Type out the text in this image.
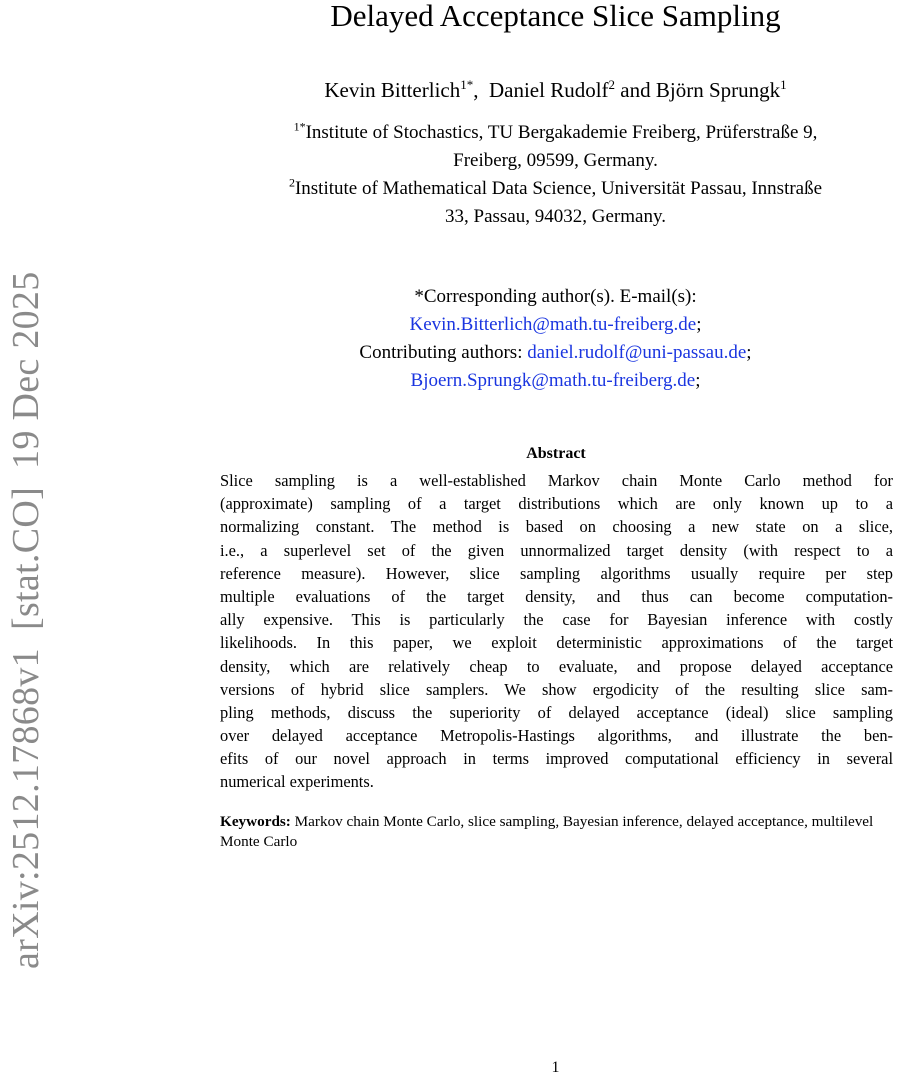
arXiv:2512.17868v1[stat.CO]19 Dec 2025
Delayed Acceptance Slice Sampling
Kevin Bitterlich$^{1*}$,  Daniel Rudolf$^2$ and Björn Sprungk$^1$
$^{1*}$Institute of Stochastics, TU Bergakademie Freiberg, Prüferstraße 9,
Freiberg, 09599, Germany.
$^2$Institute of Mathematical Data Science, Universität Passau, Innstraße
33, Passau, 94032, Germany.
*Corresponding author(s). E-mail(s):
Kevin.Bitterlich@math.tu-freiberg.de;
Contributing authors: daniel.rudolf@uni-passau.de;
Bjoern.Sprungk@math.tu-freiberg.de;
Abstract
Slice sampling is a well-established Markov chain Monte Carlo method for
(approximate) sampling of a target distributions which are only known up to a
normalizing constant. The method is based on choosing a new state on a slice,
i.e., a superlevel set of the given unnormalized target density (with respect to a
reference measure). However, slice sampling algorithms usually require per step
multiple evaluations of the target density, and thus can become computation-
ally expensive. This is particularly the case for Bayesian inference with costly
likelihoods. In this paper, we exploit deterministic approximations of the target
density, which are relatively cheap to evaluate, and propose delayed acceptance
versions of hybrid slice samplers. We show ergodicity of the resulting slice sam-
pling methods, discuss the superiority of delayed acceptance (ideal) slice sampling
over delayed acceptance Metropolis-Hastings algorithms, and illustrate the ben-
efits of our novel approach in terms improved computational efficiency in several
numerical experiments.
Keywords: Markov chain Monte Carlo, slice sampling, Bayesian inference, delayed acceptance, multilevel Monte Carlo
1
